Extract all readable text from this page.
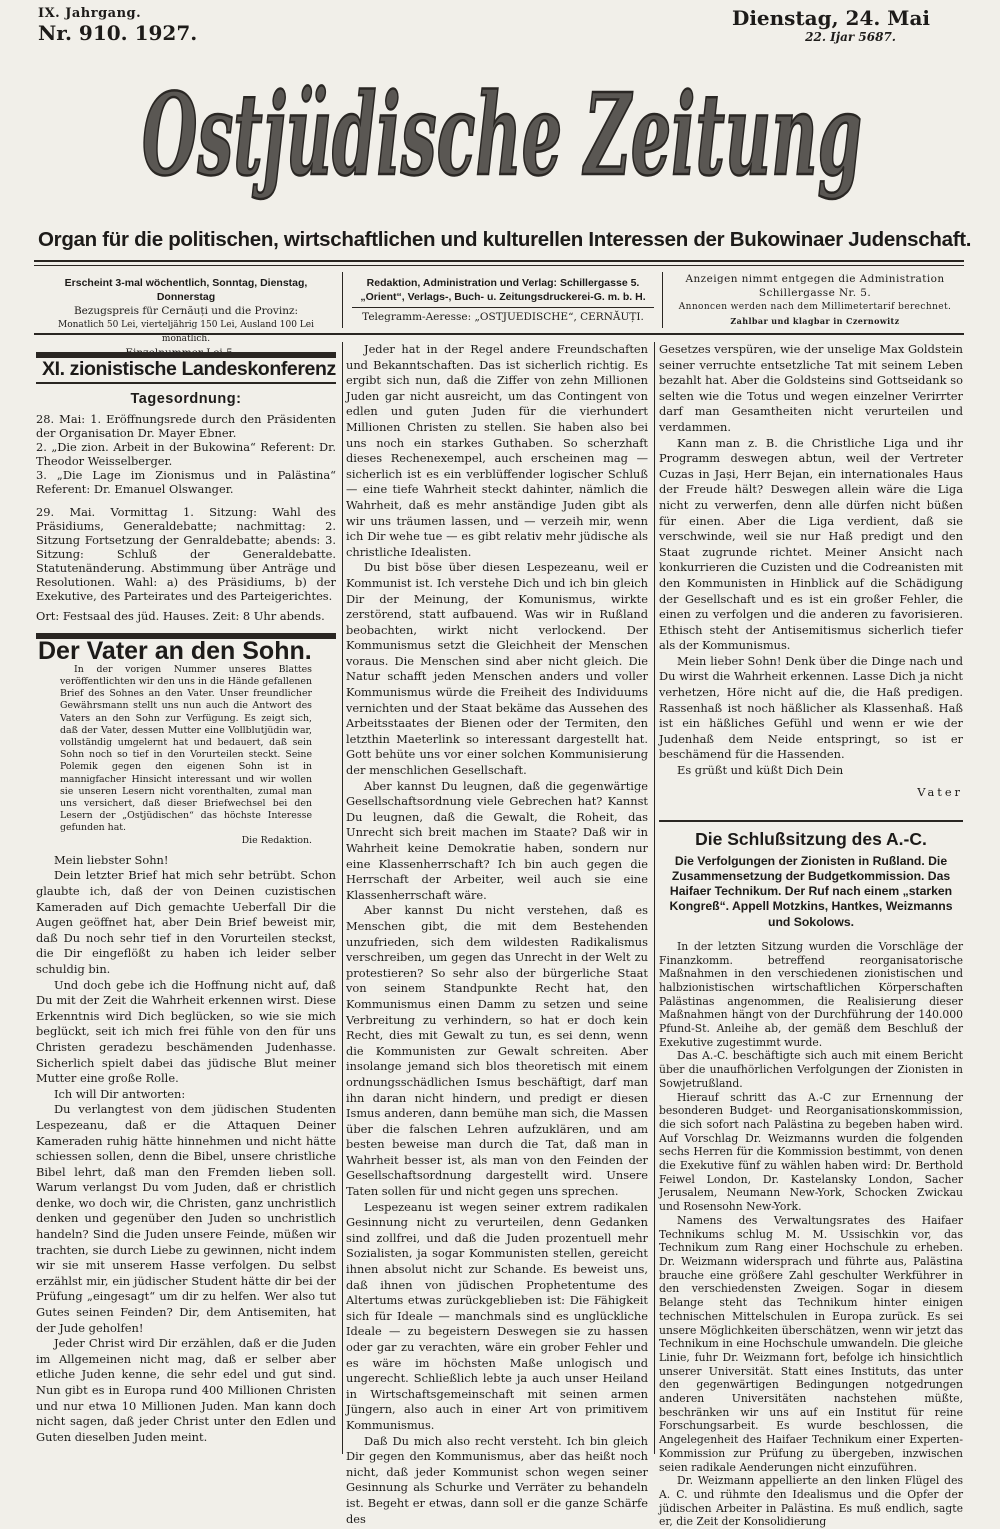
IX. Jahrgang.
Nr. 910. 1927.
Dienstag, 24. Mai
22. Ijar 5687.
Ostjüdische Zeitung
Organ für die politischen, wirtschaftlichen und kulturellen Interessen der Bukowinaer Judenschaft.
Erscheint 3-mal wöchentlich, Sonntag, Dienstag, Donnerstag
Bezugspreis für Cernăuți und die Provinz:
Monatlich 50 Lei, vierteljährig 150 Lei, Ausland 100 Lei monatlich.
Einzelnummer Lei 5.—
Redaktion, Administration und Verlag: Schillergasse 5.
„Orient“, Verlags-, Buch- u. Zeitungsdruckerei-G. m. b. H.
Telegramm-Aeresse: „OSTJUEDISCHE“, CERNĂUȚI.
Anzeigen nimmt entgegen die Administration
Schillergasse Nr. 5.
Annoncen werden nach dem Millimetertarif berechnet.
Zahlbar und klagbar in Czernowitz
XI. zionistische Landeskonferenz
Tagesordnung:

28. Mai: 1. Eröffnungsrede durch den Präsidenten der Organisation Dr. Mayer Ebner.

2. „Die zion. Arbeit in der Bukowina“ Referent: Dr. Theodor Weisselberger.

3. „Die Lage im Zionismus und in Palästina“ Referent: Dr. Emanuel Olswanger.

29. Mai. Vormittag 1. Sitzung: Wahl des Präsidiums, Generaldebatte; nachmittag: 2. Sitzung Fortsetzung der Genraldebatte; abends: 3. Sitzung: Schluß der Generaldebatte. Statutenänderung. Abstimmung über Anträge und Resolutionen. Wahl: a) des Präsidiums, b) der Exekutive, des Parteirates und des Parteigerichtes.

Ort: Festsaal des jüd. Hauses. Zeit: 8 Uhr abends.

Der Vater an den Sohn.

In der vorigen Nummer unseres Blattes veröffentlichten wir den uns in die Hände gefallenen Brief des Sohnes an den Vater. Unser freundlicher Gewährsmann stellt uns nun auch die Antwort des Vaters an den Sohn zur Verfügung. Es zeigt sich, daß der Vater, dessen Mutter eine Vollblutjüdin war, vollständig umgelernt hat und bedauert, daß sein Sohn noch so tief in den Vorurteilen steckt. Seine Polemik gegen den eigenen Sohn ist in mannigfacher Hinsicht interessant und wir wollen sie unseren Lesern nicht vorenthalten, zumal man uns versichert, daß dieser Briefwechsel bei den Lesern der „Ostjüdischen“ das höchste Interesse gefunden hat.

Die Redaktion.

Mein liebster Sohn!

Dein letzter Brief hat mich sehr betrübt. Schon glaubte ich, daß der von Deinen cuzistischen Kameraden auf Dich gemachte Ueberfall Dir die Augen geöffnet hat, aber Dein Brief beweist mir, daß Du noch sehr tief in den Vorurteilen steckst, die Dir eingeflößt zu haben ich leider selber schuldig bin.

Und doch gebe ich die Hoffnung nicht auf, daß Du mit der Zeit die Wahrheit erkennen wirst. Diese Erkenntnis wird Dich beglücken, so wie sie mich beglückt, seit ich mich frei fühle von den für uns Christen geradezu beschämenden Judenhasse. Sicherlich spielt dabei das jüdische Blut meiner Mutter eine große Rolle.

Ich will Dir antworten:

Du verlangtest von dem jüdischen Studenten Lespezeanu, daß er die Attaquen Deiner Kameraden ruhig hätte hinnehmen und nicht hätte schiessen sollen, denn die Bibel, unsere christliche Bibel lehrt, daß man den Fremden lieben soll. Warum verlangst Du vom Juden, daß er christlich denke, wo doch wir, die Christen, ganz unchristlich denken und gegenüber den Juden so unchristlich handeln? Sind die Juden unsere Feinde, müßen wir trachten, sie durch Liebe zu gewinnen, nicht indem wir sie mit unserem Hasse verfolgen. Du selbst erzählst mir, ein jüdischer Student hätte dir bei der Prüfung „eingesagt“ um dir zu helfen. Wer also tut Gutes seinen Feinden? Dir, dem Antisemiten, hat der Jude geholfen!

Jeder Christ wird Dir erzählen, daß er die Juden im Allgemeinen nicht mag, daß er selber aber etliche Juden kenne, die sehr edel und gut sind. Nun gibt es in Europa rund 400 Millionen Christen und nur etwa 10 Millionen Juden. Man kann doch nicht sagen, daß jeder Christ unter den Edlen und Guten dieselben Juden meint.

Jeder hat in der Regel andere Freundschaften und Bekanntschaften. Das ist sicherlich richtig. Es ergibt sich nun, daß die Ziffer von zehn Millionen Juden gar nicht ausreicht, um das Contingent von edlen und guten Juden für die vierhundert Millionen Christen zu stellen. Sie haben also bei uns noch ein starkes Guthaben. So scherzhaft dieses Rechenexempel, auch erscheinen mag — sicherlich ist es ein verblüffender logischer Schluß — eine tiefe Wahrheit steckt dahinter, nämlich die Wahrheit, daß es mehr anständige Juden gibt als wir uns träumen lassen, und — verzeih mir, wenn ich Dir wehe tue — es gibt relativ mehr jüdische als christliche Idealisten.

Du bist böse über diesen Lespezeanu, weil er Kommunist ist. Ich verstehe Dich und ich bin gleich Dir der Meinung, der Komunismus, wirkte zerstörend, statt aufbauend. Was wir in Rußland beobachten, wirkt nicht verlockend. Der Kommunismus setzt die Gleichheit der Menschen voraus. Die Menschen sind aber nicht gleich. Die Natur schafft jeden Menschen anders und voller Kommunismus würde die Freiheit des Individuums vernichten und der Staat bekäme das Aussehen des Arbeitsstaates der Bienen oder der Termiten, den letzthin Maeterlink so interessant dargestellt hat. Gott behüte uns vor einer solchen Kommunisierung der menschlichen Gesellschaft.

Aber kannst Du leugnen, daß die gegenwärtige Gesellschaftsordnung viele Gebrechen hat? Kannst Du leugnen, daß die Gewalt, die Roheit, das Unrecht sich breit machen im Staate? Daß wir in Wahrheit keine Demokratie haben, sondern nur eine Klassenherrschaft? Ich bin auch gegen die Herrschaft der Arbeiter, weil auch sie eine Klassenherrschaft wäre.

Aber kannst Du nicht verstehen, daß es Menschen gibt, die mit dem Bestehenden unzufrieden, sich dem wildesten Radikalismus verschreiben, um gegen das Unrecht in der Welt zu protestieren? So sehr also der bürgerliche Staat von seinem Standpunkte Recht hat, den Kommunismus einen Damm zu setzen und seine Verbreitung zu verhindern, so hat er doch kein Recht, dies mit Gewalt zu tun, es sei denn, wenn die Kommunisten zur Gewalt schreiten. Aber insolange jemand sich blos theoretisch mit einem ordnungsschädlichen Ismus beschäftigt, darf man ihn daran nicht hindern, und predigt er diesen Ismus anderen, dann bemühe man sich, die Massen über die falschen Lehren aufzuklären, und am besten beweise man durch die Tat, daß man in Wahrheit besser ist, als man von den Feinden der Gesellschaftsordnung dargestellt wird. Unsere Taten sollen für und nicht gegen uns sprechen.

Lespezeanu ist wegen seiner extrem radikalen Gesinnung nicht zu verurteilen, denn Gedanken sind zollfrei, und daß die Juden prozentuell mehr Sozialisten, ja sogar Kommunisten stellen, gereicht ihnen absolut nicht zur Schande. Es beweist uns, daß ihnen von jüdischen Prophetentume des Altertums etwas zurückgeblieben ist: Die Fähigkeit sich für Ideale — manchmals sind es unglückliche Ideale — zu begeistern Deswegen sie zu hassen oder gar zu verachten, wäre ein grober Fehler und es wäre im höchsten Maße unlogisch und ungerecht. Schließlich lebte ja auch unser Heiland in Wirtschaftsgemeinschaft mit seinen armen Jüngern, also auch in einer Art von primitivem Kommunismus.

Daß Du mich also recht versteht. Ich bin gleich Dir gegen den Kommunismus, aber das heißt noch nicht, daß jeder Kommunist schon wegen seiner Gesinnung als Schurke und Verräter zu behandeln ist. Begeht er etwas, dann soll er die ganze Schärfe des

Gesetzes verspüren, wie der unselige Max Goldstein seiner verruchte entsetzliche Tat mit seinem Leben bezahlt hat. Aber die Goldsteins sind Gottseidank so selten wie die Totus und wegen einzelner Verirrter darf man Gesamtheiten nicht verurteilen und verdammen.

Kann man z. B. die Christliche Liga und ihr Programm deswegen abtun, weil der Vertreter Cuzas in Jași, Herr Bejan, ein internationales Haus der Freude hält? Deswegen allein wäre die Liga nicht zu verwerfen, denn alle dürfen nicht büßen für einen. Aber die Liga verdient, daß sie verschwinde, weil sie nur Haß predigt und den Staat zugrunde richtet. Meiner Ansicht nach konkurrieren die Cuzisten und die Codreanisten mit den Kommunisten in Hinblick auf die Schädigung der Gesellschaft und es ist ein großer Fehler, die einen zu verfolgen und die anderen zu favorisieren. Ethisch steht der Antisemitismus sicherlich tiefer als der Kommunismus.

Mein lieber Sohn! Denk über die Dinge nach und Du wirst die Wahrheit erkennen. Lasse Dich ja nicht verhetzen, Höre nicht auf die, die Haß predigen. Rassenhaß ist noch häßlicher als Klassenhaß. Haß ist ein häßliches Gefühl und wenn er wie der Judenhaß dem Neide entspringt, so ist er beschämend für die Hassenden.

Es grüßt und küßt Dich Dein

Vater

Die Schlußsitzung des A.-C.
Die Verfolgungen der Zionisten in Rußland. Die Zusammensetzung der Budgetkommission. Das Haifaer Technikum. Der Ruf nach einem „starken Kongreß“. Appell Motzkins, Hantkes, Weizmanns und Sokolows.

In der letzten Sitzung wurden die Vorschläge der Finanzkomm. betreffend reorganisatorische Maßnahmen in den verschiedenen zionistischen und halbzionistischen wirtschaftlichen Körperschaften Palästinas angenommen, die Realisierung dieser Maßnahmen hängt von der Durchführung der 140.000 Pfund-St. Anleihe ab, der gemäß dem Beschluß der Exekutive zugestimmt wurde.

Das A.-C. beschäftigte sich auch mit einem Bericht über die unaufhörlichen Verfolgungen der Zionisten in Sowjetrußland.

Hierauf schritt das A.-C zur Ernennung der besonderen Budget- und Reorganisationskommission, die sich sofort nach Palästina zu begeben haben wird. Auf Vorschlag Dr. Weizmanns wurden die folgenden sechs Herren für die Kommission bestimmt, von denen die Exekutive fünf zu wählen haben wird: Dr. Berthold Feiwel London, Dr. Kastelansky London, Sacher Jerusalem, Neumann New-York, Schocken Zwickau und Rosensohn New-York.

Namens des Verwaltungsrates des Haifaer Technikums schlug M. M. Ussischkin vor, das Technikum zum Rang einer Hochschule zu erheben. Dr. Weizmann widersprach und führte aus, Palästina brauche eine größere Zahl geschulter Werkführer in den verschiedensten Zweigen. Sogar in diesem Belange steht das Technikum hinter einigen technischen Mittelschulen in Europa zurück. Es sei unsere Möglichkeiten überschätzen, wenn wir jetzt das Technikum in eine Hochschule umwandeln. Die gleiche Linie, fuhr Dr. Weizmann fort, befolge ich hinsichtlich unserer Universität. Statt eines Instituts, das unter den gegenwärtigen Bedingungen notgedrungen anderen Universitäten nachstehen müßte, beschränken wir uns auf ein Institut für reine Forschungsarbeit. Es wurde beschlossen, die Angelegenheit des Haifaer Technikum einer Experten-Kommission zur Prüfung zu übergeben, inzwischen seien radikale Aenderungen nicht einzuführen.

Dr. Weizmann appellierte an den linken Flügel des A. C. und rühmte den Idealismus und die Opfer der jüdischen Arbeiter in Palästina. Es muß endlich, sagte er, die Zeit der Konsolidierung
